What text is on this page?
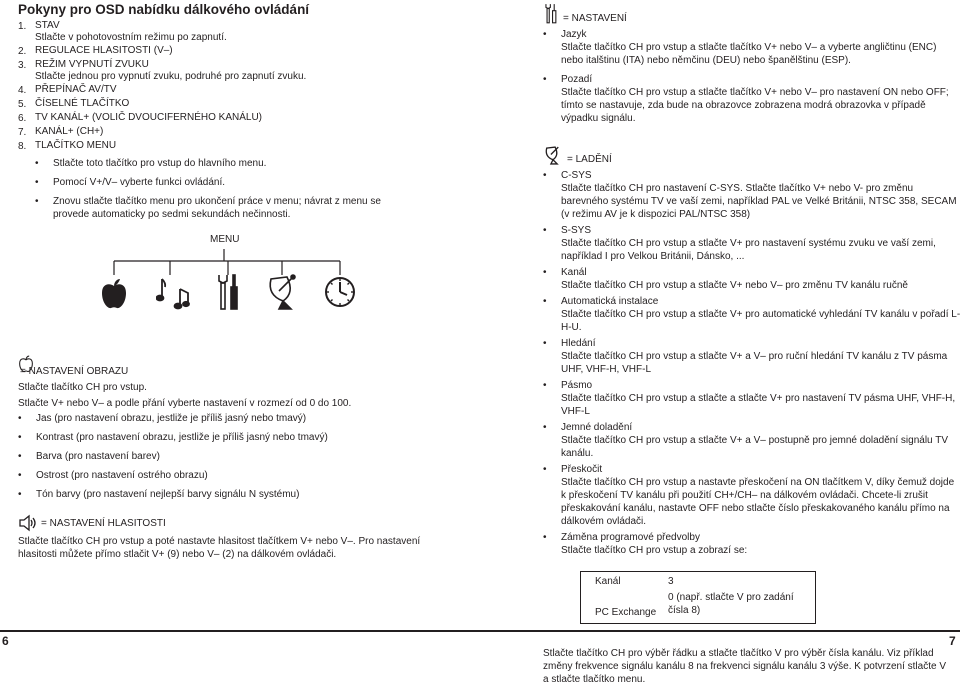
Pokyny pro OSD nabídku dálkového ovládání
1. STAV
Stlačte v pohotovostním režimu po zapnutí.
2. REGULACE HLASITOSTI (V–)
3. REŽIM VYPNUTÍ ZVUKU
Stlačte jednou pro vypnutí zvuku, podruhé pro zapnutí zvuku.
4. PŘEPÍNAČ AV/TV
5. ČÍSELNÉ TLAČÍTKO
6. TV KANÁL+ (VOLIČ DVOUCIFERNÉHO KANÁLU)
7. KANÁL+ (CH+)
8. TLAČÍTKO MENU
• Stlačte toto tlačítko pro vstup do hlavního menu.
• Pomocí V+/V– vyberte funkci ovládání.
• Znovu stlačte tlačítko menu pro ukončení práce v menu; návrat z menu se provede automaticky po sedmi sekundách nečinnosti.
MENU
= NASTAVENÍ OBRAZU
Stlačte tlačítko CH pro vstup.
Stlačte V+ nebo V– a podle přání vyberte nastavení v rozmezí od 0 do 100.
• Jas (pro nastavení obrazu, jestliže je příliš jasný nebo tmavý)
• Kontrast (pro nastavení obrazu, jestliže je příliš jasný nebo tmavý)
• Barva (pro nastavení barev)
• Ostrost (pro nastavení ostrého obrazu)
• Tón barvy (pro nastavení nejlepší barvy signálu N systému)
= NASTAVENÍ HLASITOSTI
Stlačte tlačítko CH pro vstup a poté nastavte hlasitost tlačítkem V+ nebo V–. Pro nastavení hlasitosti můžete přímo stlačit V+ (9) nebo V– (2) na dálkovém ovládači.
= NASTAVENÍ
• Jazyk
Stlačte tlačítko CH pro vstup a stlačte tlačítko V+ nebo V– a vyberte angličtinu (ENC) nebo italštinu (ITA) nebo němčinu (DEU) nebo španělštinu (ESP).
• Pozadí
Stlačte tlačítko CH pro vstup a stlačte tlačítko V+ nebo V– pro nastavení ON nebo OFF; tímto se nastavuje, zda bude na obrazovce zobrazena modrá obrazovka v případě výpadku signálu.
= LADĚNÍ
• C-SYS
Stlačte tlačítko CH pro nastavení C-SYS. Stlačte tlačítko V+ nebo V- pro změnu barevného systému TV ve vaší zemi, například PAL ve Velké Británii, NTSC 358, SECAM (v režimu AV je k dispozici PAL/NTSC 358)
• S-SYS
Stlačte tlačítko CH pro vstup a stlačte V+ pro nastavení systému zvuku ve vaší zemi, například I pro Velkou Británii, Dánsko, ...
• Kanál
Stlačte tlačítko CH pro vstup a stlačte V+ nebo V– pro změnu TV kanálu ručně
• Automatická instalace
Stlačte tlačítko CH pro vstup a stlačte V+ pro automatické vyhledání TV kanálu v pořadí L-H-U.
• Hledání
Stlačte tlačítko CH pro vstup a stlačte V+ a V– pro ruční hledání TV kanálu z TV pásma UHF, VHF-H, VHF-L
• Pásmo
Stlačte tlačítko CH pro vstup a stlačte a stlačte V+ pro nastavení TV pásma UHF, VHF-H, VHF-L
• Jemné doladění
Stlačte tlačítko CH pro vstup a stlačte V+ a V– postupně pro jemné doladění signálu TV kanálu.
• Přeskočit
Stlačte tlačítko CH pro vstup a nastavte přeskočení na ON tlačítkem V, díky čemuž dojde k přeskočení TV kanálu při použití CH+/CH– na dálkovém ovládači. Chcete-li zrušit přeskakování kanálu, nastavte OFF nebo stlačte číslo přeskakovaného kanálu přímo na dálkovém ovládači.
• Záměna programové předvolby
Stlačte tlačítko CH pro vstup a zobrazí se:
Kanál	3
0 (např. stlačte V pro zadání čísla 8)
PC Exchange
Stlačte tlačítko CH pro výběr řádku a stlačte tlačítko V pro výběr čísla kanálu. Viz příklad změny frekvence signálu kanálu 8 na frekvenci signálu kanálu 3 výše. K potvrzení stlačte V a stlačte tlačítko menu.
6	7
